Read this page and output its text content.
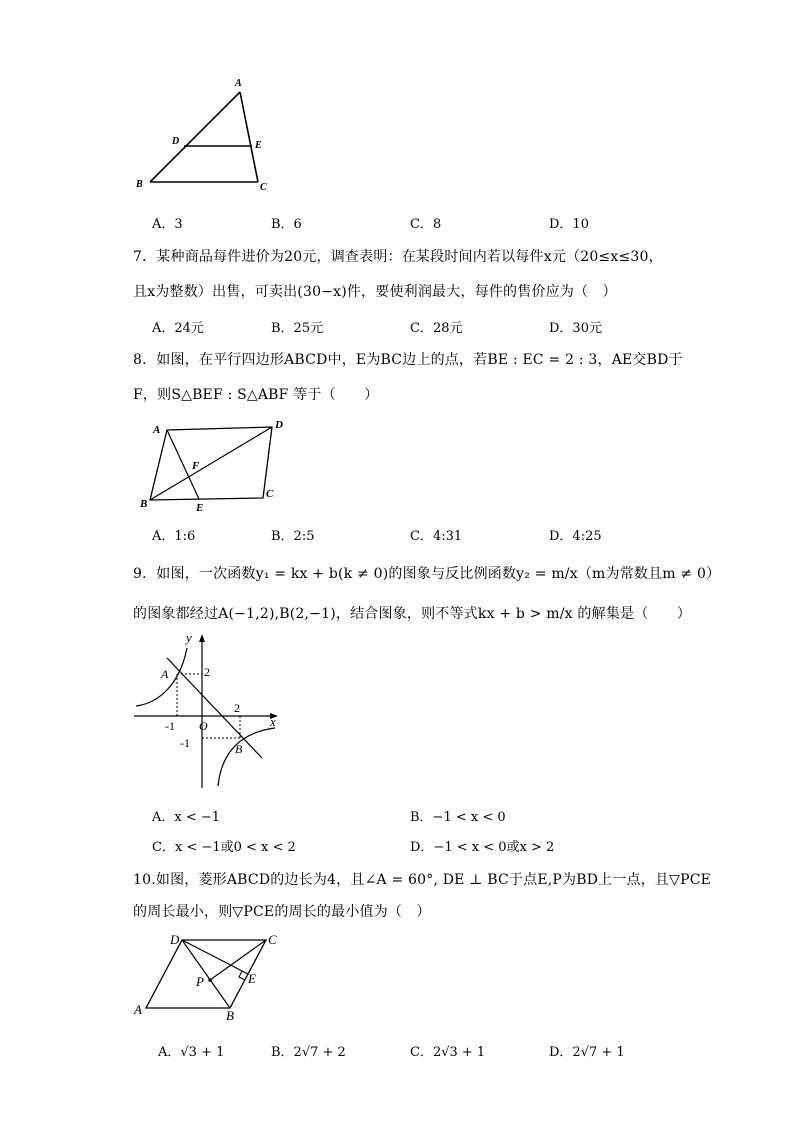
A
D	E
B	C
A．3	B．6	C．8	D．10
7．某种商品每件进价为20元，调查表明：在某段时间内若以每件x元（20≤x≤30，
且x为整数）出售，可卖出(30−x)件，要使利润最大，每件的售价应为（　）
A．24元	B．25元	C．28元	D．30元
8．如图，在平行四边形ABCD中，E为BC边上的点，若BE : EC = 2 : 3，AE交BD于
F，则S△BEF : S△ABF 等于（　　）
A	D
F
B	E
C
A．1:6	B．2:5	C．4:31	D．4:25
9．如图，一次函数y₁ = kx + b(k ≠ 0)的图象与反比例函数y₂ = m/x（m为常数且m ≠ 0）
的图象都经过A(−1,2),B(2,−1)，结合图象，则不等式kx + b > m/x 的解集是（　　）
y
x
A
B
O
2
2
-1
-1
A．x < −1	B．−1 < x < 0
C．x < −1或0 < x < 2	D．−1 < x < 0或x > 2
10.如图，菱形ABCD的边长为4，且∠A = 60°, DE ⊥ BC于点E,P为BD上一点，且▽PCE
的周长最小，则▽PCE的周长的最小值为（　）
D	C
E
P
A	B
A．√3 + 1	B．2√7 + 2	C．2√3 + 1	D．2√7 + 1
